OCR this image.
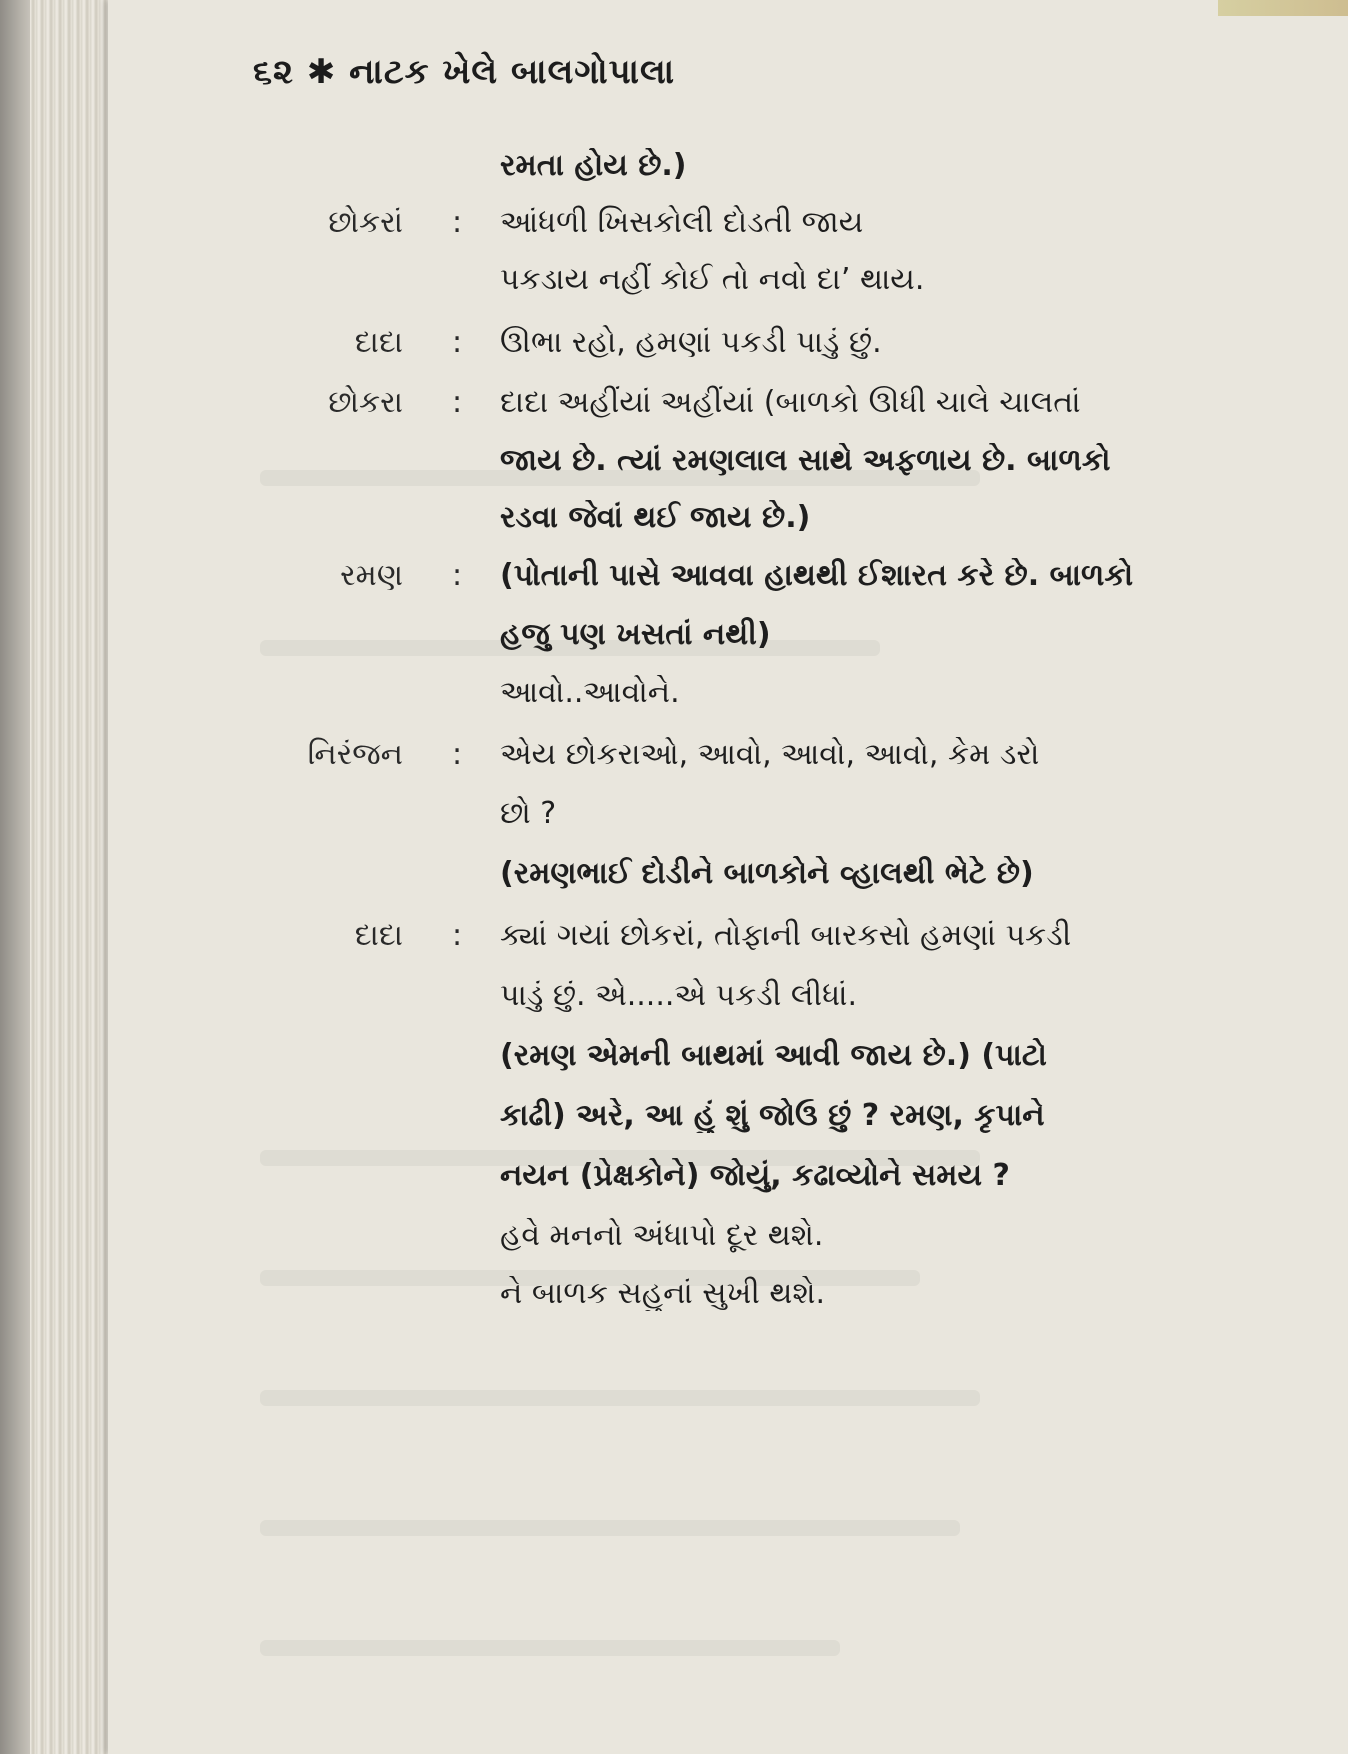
૬૨ ✱ નાટક ખેલે બાલગોપાલા
રમતા હોય છે.)
છોકરાં : આંધળી ખિસકોલી દોડતી જાય
પકડાય નહીં કોઈ તો નવો દા’ થાય.
દાદા : ઊભા રહો, હમણાં પકડી પાડું છું.
છોકરા : દાદા અહીંયાં અહીંયાં (બાળકો ઊંધી ચાલે ચાલતાં
જાય છે. ત્યાં રમણલાલ સાથે અફળાય છે. બાળકો
રડવા જેવાં થઈ જાય છે.)
રમણ : (પોતાની પાસે આવવા હાથથી ઈશારત કરે છે. બાળકો
હજુ પણ ખસતાં નથી)
આવો..આવોને.
નિરંજન : એય છોકરાઓ, આવો, આવો, આવો, કેમ ડરો
છો ?
(રમણભાઈ દોડીને બાળકોને વ્હાલથી ભેટે છે)
દાદા : ક્યાં ગયાં છોકરાં, તોફાની બારકસો હમણાં પકડી
પાડું છું. એ.....એ પકડી લીધાં.
(રમણ એમની બાથમાં આવી જાય છે.) (પાટો
કાઢી) અરે, આ હું શું જોઉં છું ? રમણ, કૃપાને
નયન (પ્રેક્ષકોને) જોયું, કઢાવ્યોને સમય ?
હવે મનનો અંધાપો દૂર થશે.
ને બાળક સહુનાં સુખી થશે.
